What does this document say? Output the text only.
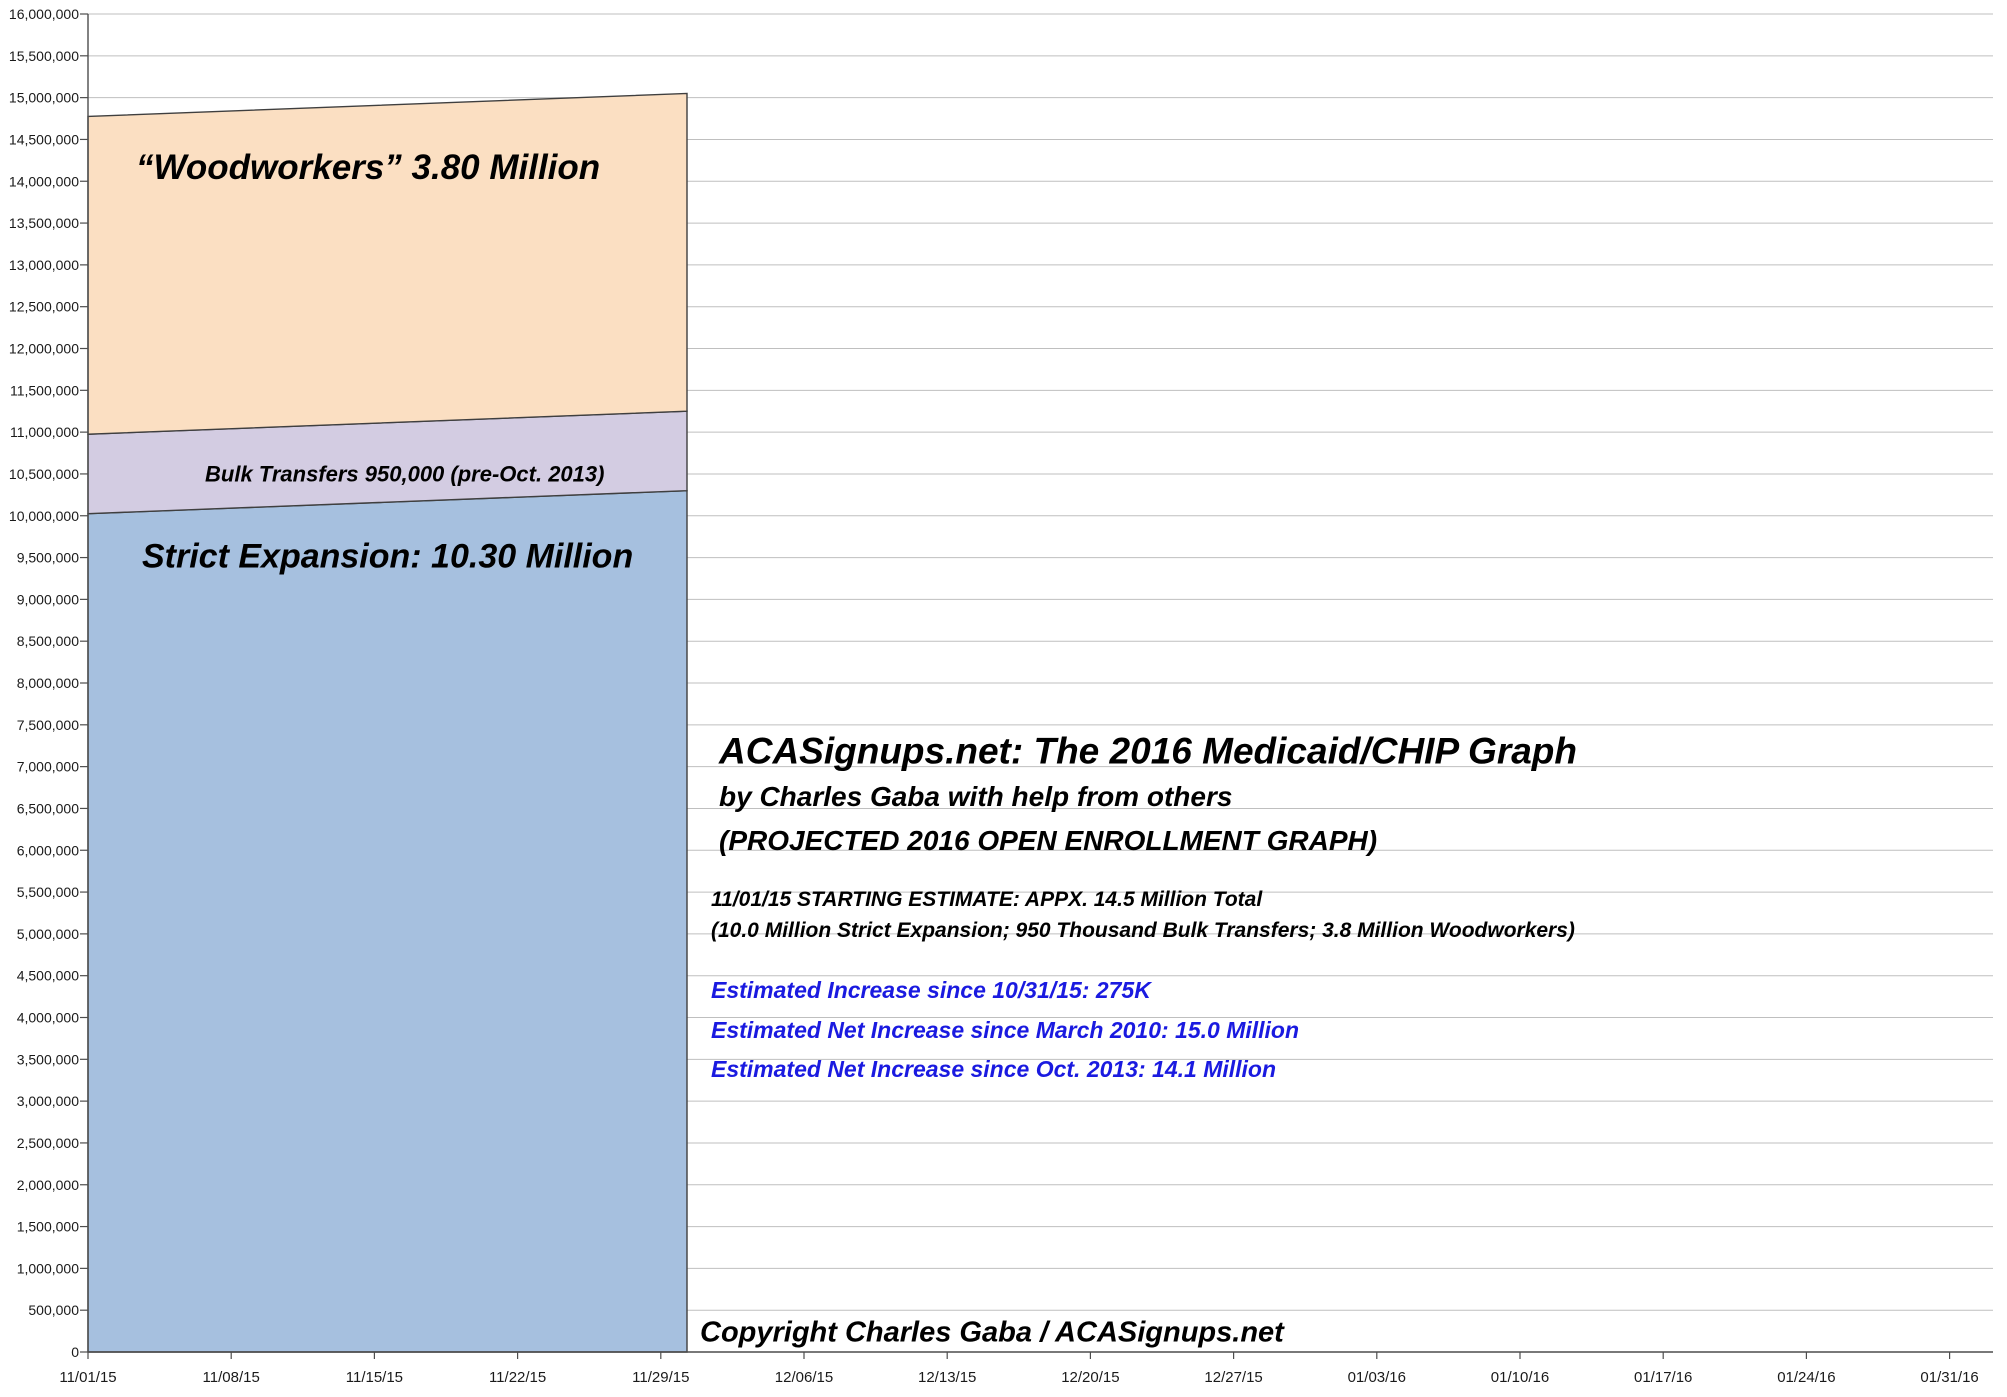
0
500,000
1,000,000
1,500,000
2,000,000
2,500,000
3,000,000
3,500,000
4,000,000
4,500,000
5,000,000
5,500,000
6,000,000
6,500,000
7,000,000
7,500,000
8,000,000
8,500,000
9,000,000
9,500,000
10,000,000
10,500,000
11,000,000
11,500,000
12,000,000
12,500,000
13,000,000
13,500,000
14,000,000
14,500,000
15,000,000
15,500,000
16,000,000
11/01/15	11/08/15	11/15/15	11/22/15	11/29/15	12/06/15	12/13/15	12/20/15	12/27/15	01/03/16	01/10/16	01/17/16	01/24/16	01/31/16
“Woodworkers” 3.80 Million
Bulk Transfers 950,000 (pre-Oct. 2013)
Strict Expansion: 10.30 Million
ACASignups.net: The 2016 Medicaid/CHIP Graph
by Charles Gaba with help from others
(PROJECTED 2016 OPEN ENROLLMENT GRAPH)
11/01/15 STARTING ESTIMATE: APPX. 14.5 Million Total
(10.0 Million Strict Expansion; 950 Thousand Bulk Transfers; 3.8 Million Woodworkers)
Estimated Increase since 10/31/15: 275K
Estimated Net Increase since March 2010: 15.0 Million
Estimated Net Increase since Oct. 2013: 14.1 Million
Copyright Charles Gaba / ACASignups.net
